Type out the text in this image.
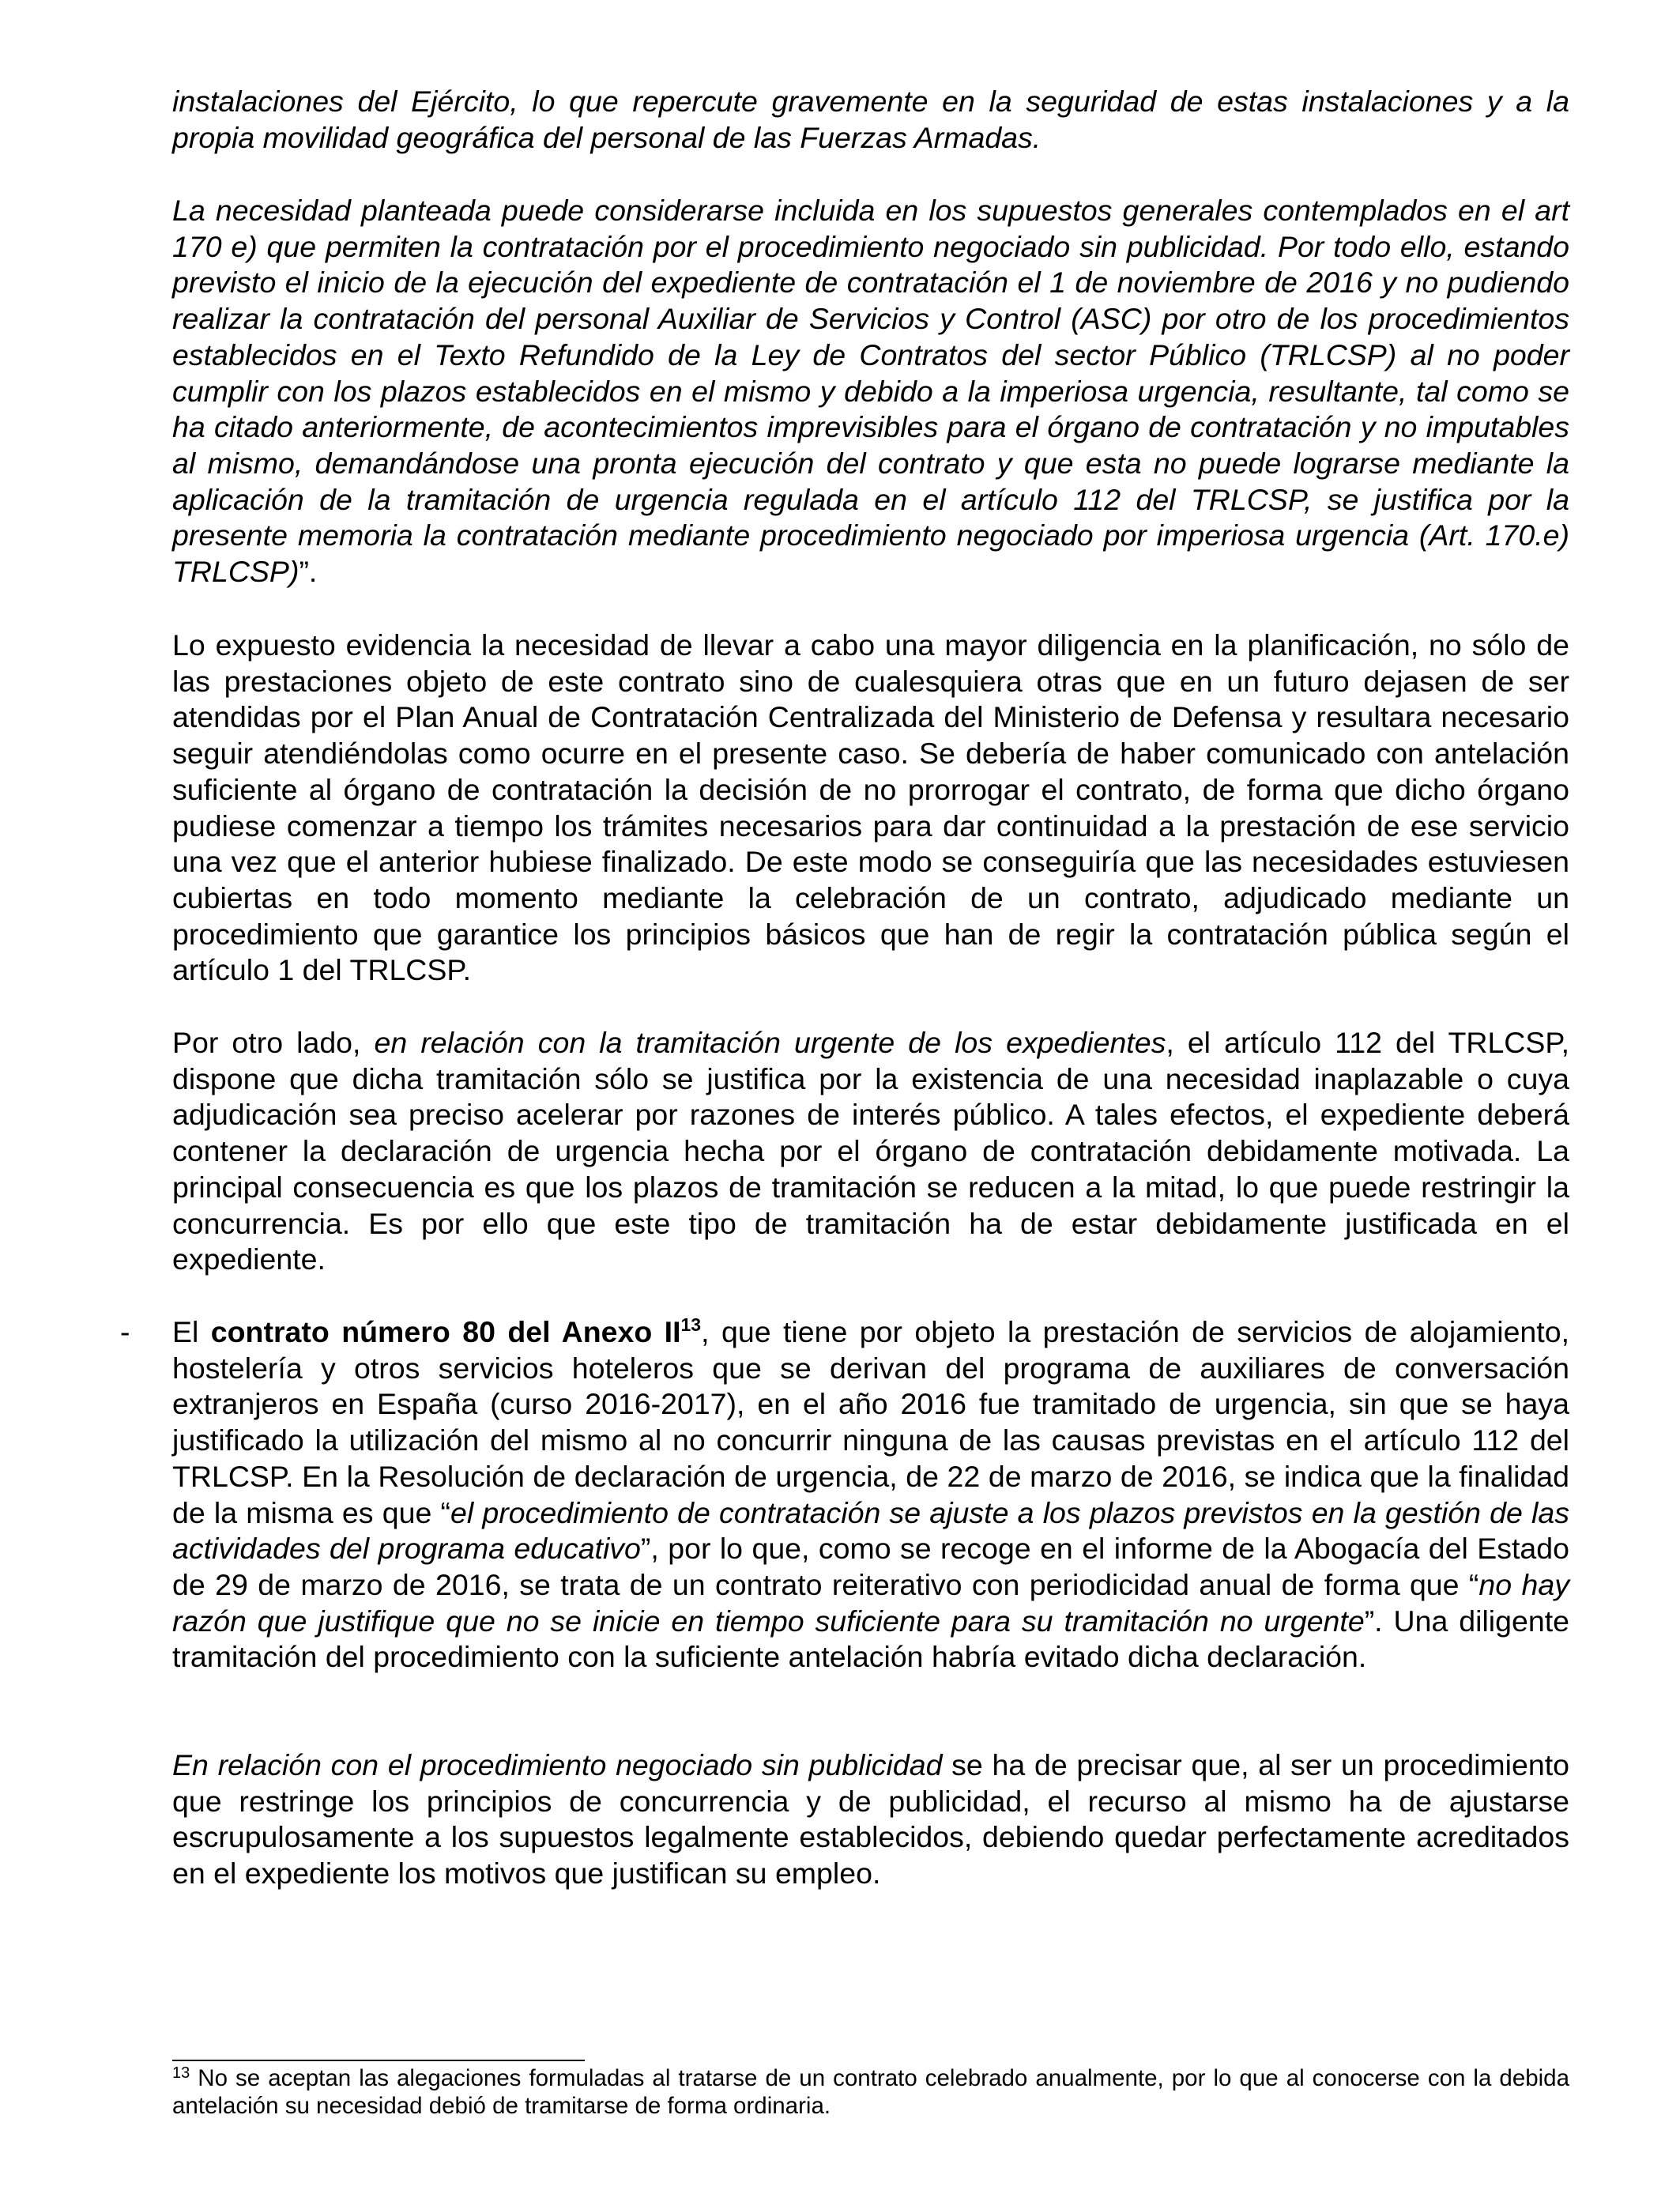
instalaciones del Ejército, lo que repercute gravemente en la seguridad de estas instalaciones y a la propia movilidad geográfica del personal de las Fuerzas Armadas.

La necesidad planteada puede considerarse incluida en los supuestos generales contemplados en el art 170 e) que permiten la contratación por el procedimiento negociado sin publicidad. Por todo ello, estando previsto el inicio de la ejecución del expediente de contratación el 1 de noviembre de 2016 y no pudiendo realizar la contratación del personal Auxiliar de Servicios y Control (ASC) por otro de los procedimientos establecidos en el Texto Refundido de la Ley de Contratos del sector Público (TRLCSP) al no poder cumplir con los plazos establecidos en el mismo y debido a la imperiosa urgencia, resultante, tal como se ha citado anteriormente, de acontecimientos imprevisibles para el órgano de contratación y no imputables al mismo, demandándose una pronta ejecución del contrato y que esta no puede lograrse mediante la aplicación de la tramitación de urgencia regulada en el artículo 112 del TRLCSP, se justifica por la presente memoria la contratación mediante procedimiento negociado por imperiosa urgencia (Art. 170.e) TRLCSP)”.

Lo expuesto evidencia la necesidad de llevar a cabo una mayor diligencia en la planificación, no sólo de las prestaciones objeto de este contrato sino de cualesquiera otras que en un futuro dejasen de ser atendidas por el Plan Anual de Contratación Centralizada del Ministerio de Defensa y resultara necesario seguir atendiéndolas como ocurre en el presente caso. Se debería de haber comunicado con antelación suficiente al órgano de contratación la decisión de no prorrogar el contrato, de forma que dicho órgano pudiese comenzar a tiempo los trámites necesarios para dar continuidad a la prestación de ese servicio una vez que el anterior hubiese finalizado. De este modo se conseguiría que las necesidades estuviesen cubiertas en todo momento mediante la celebración de un contrato, adjudicado mediante un procedimiento que garantice los principios básicos que han de regir la contratación pública según el artículo 1 del TRLCSP.

Por otro lado, en relación con la tramitación urgente de los expedientes, el artículo 112 del TRLCSP, dispone que dicha tramitación sólo se justifica por la existencia de una necesidad inaplazable o cuya adjudicación sea preciso acelerar por razones de interés público. A tales efectos, el expediente deberá contener la declaración de urgencia hecha por el órgano de contratación debidamente motivada. La principal consecuencia es que los plazos de tramitación se reducen a la mitad, lo que puede restringir la concurrencia. Es por ello que este tipo de tramitación ha de estar debidamente justificada en el expediente.

- El contrato número 80 del Anexo II$^{13}$, que tiene por objeto la prestación de servicios de alojamiento, hostelería y otros servicios hoteleros que se derivan del programa de auxiliares de conversación extranjeros en España (curso 2016-2017), en el año 2016 fue tramitado de urgencia, sin que se haya justificado la utilización del mismo al no concurrir ninguna de las causas previstas en el artículo 112 del TRLCSP. En la Resolución de declaración de urgencia, de 22 de marzo de 2016, se indica que la finalidad de la misma es que “el procedimiento de contratación se ajuste a los plazos previstos en la gestión de las actividades del programa educativo”, por lo que, como se recoge en el informe de la Abogacía del Estado de 29 de marzo de 2016, se trata de un contrato reiterativo con periodicidad anual de forma que “no hay razón que justifique que no se inicie en tiempo suficiente para su tramitación no urgente”. Una diligente tramitación del procedimiento con la suficiente antelación habría evitado dicha declaración.

En relación con el procedimiento negociado sin publicidad se ha de precisar que, al ser un procedimiento que restringe los principios de concurrencia y de publicidad, el recurso al mismo ha de ajustarse escrupulosamente a los supuestos legalmente establecidos, debiendo quedar perfectamente acreditados en el expediente los motivos que justifican su empleo.

$^{13}$ No se aceptan las alegaciones formuladas al tratarse de un contrato celebrado anualmente, por lo que al conocerse con la debida antelación su necesidad debió de tramitarse de forma ordinaria.
